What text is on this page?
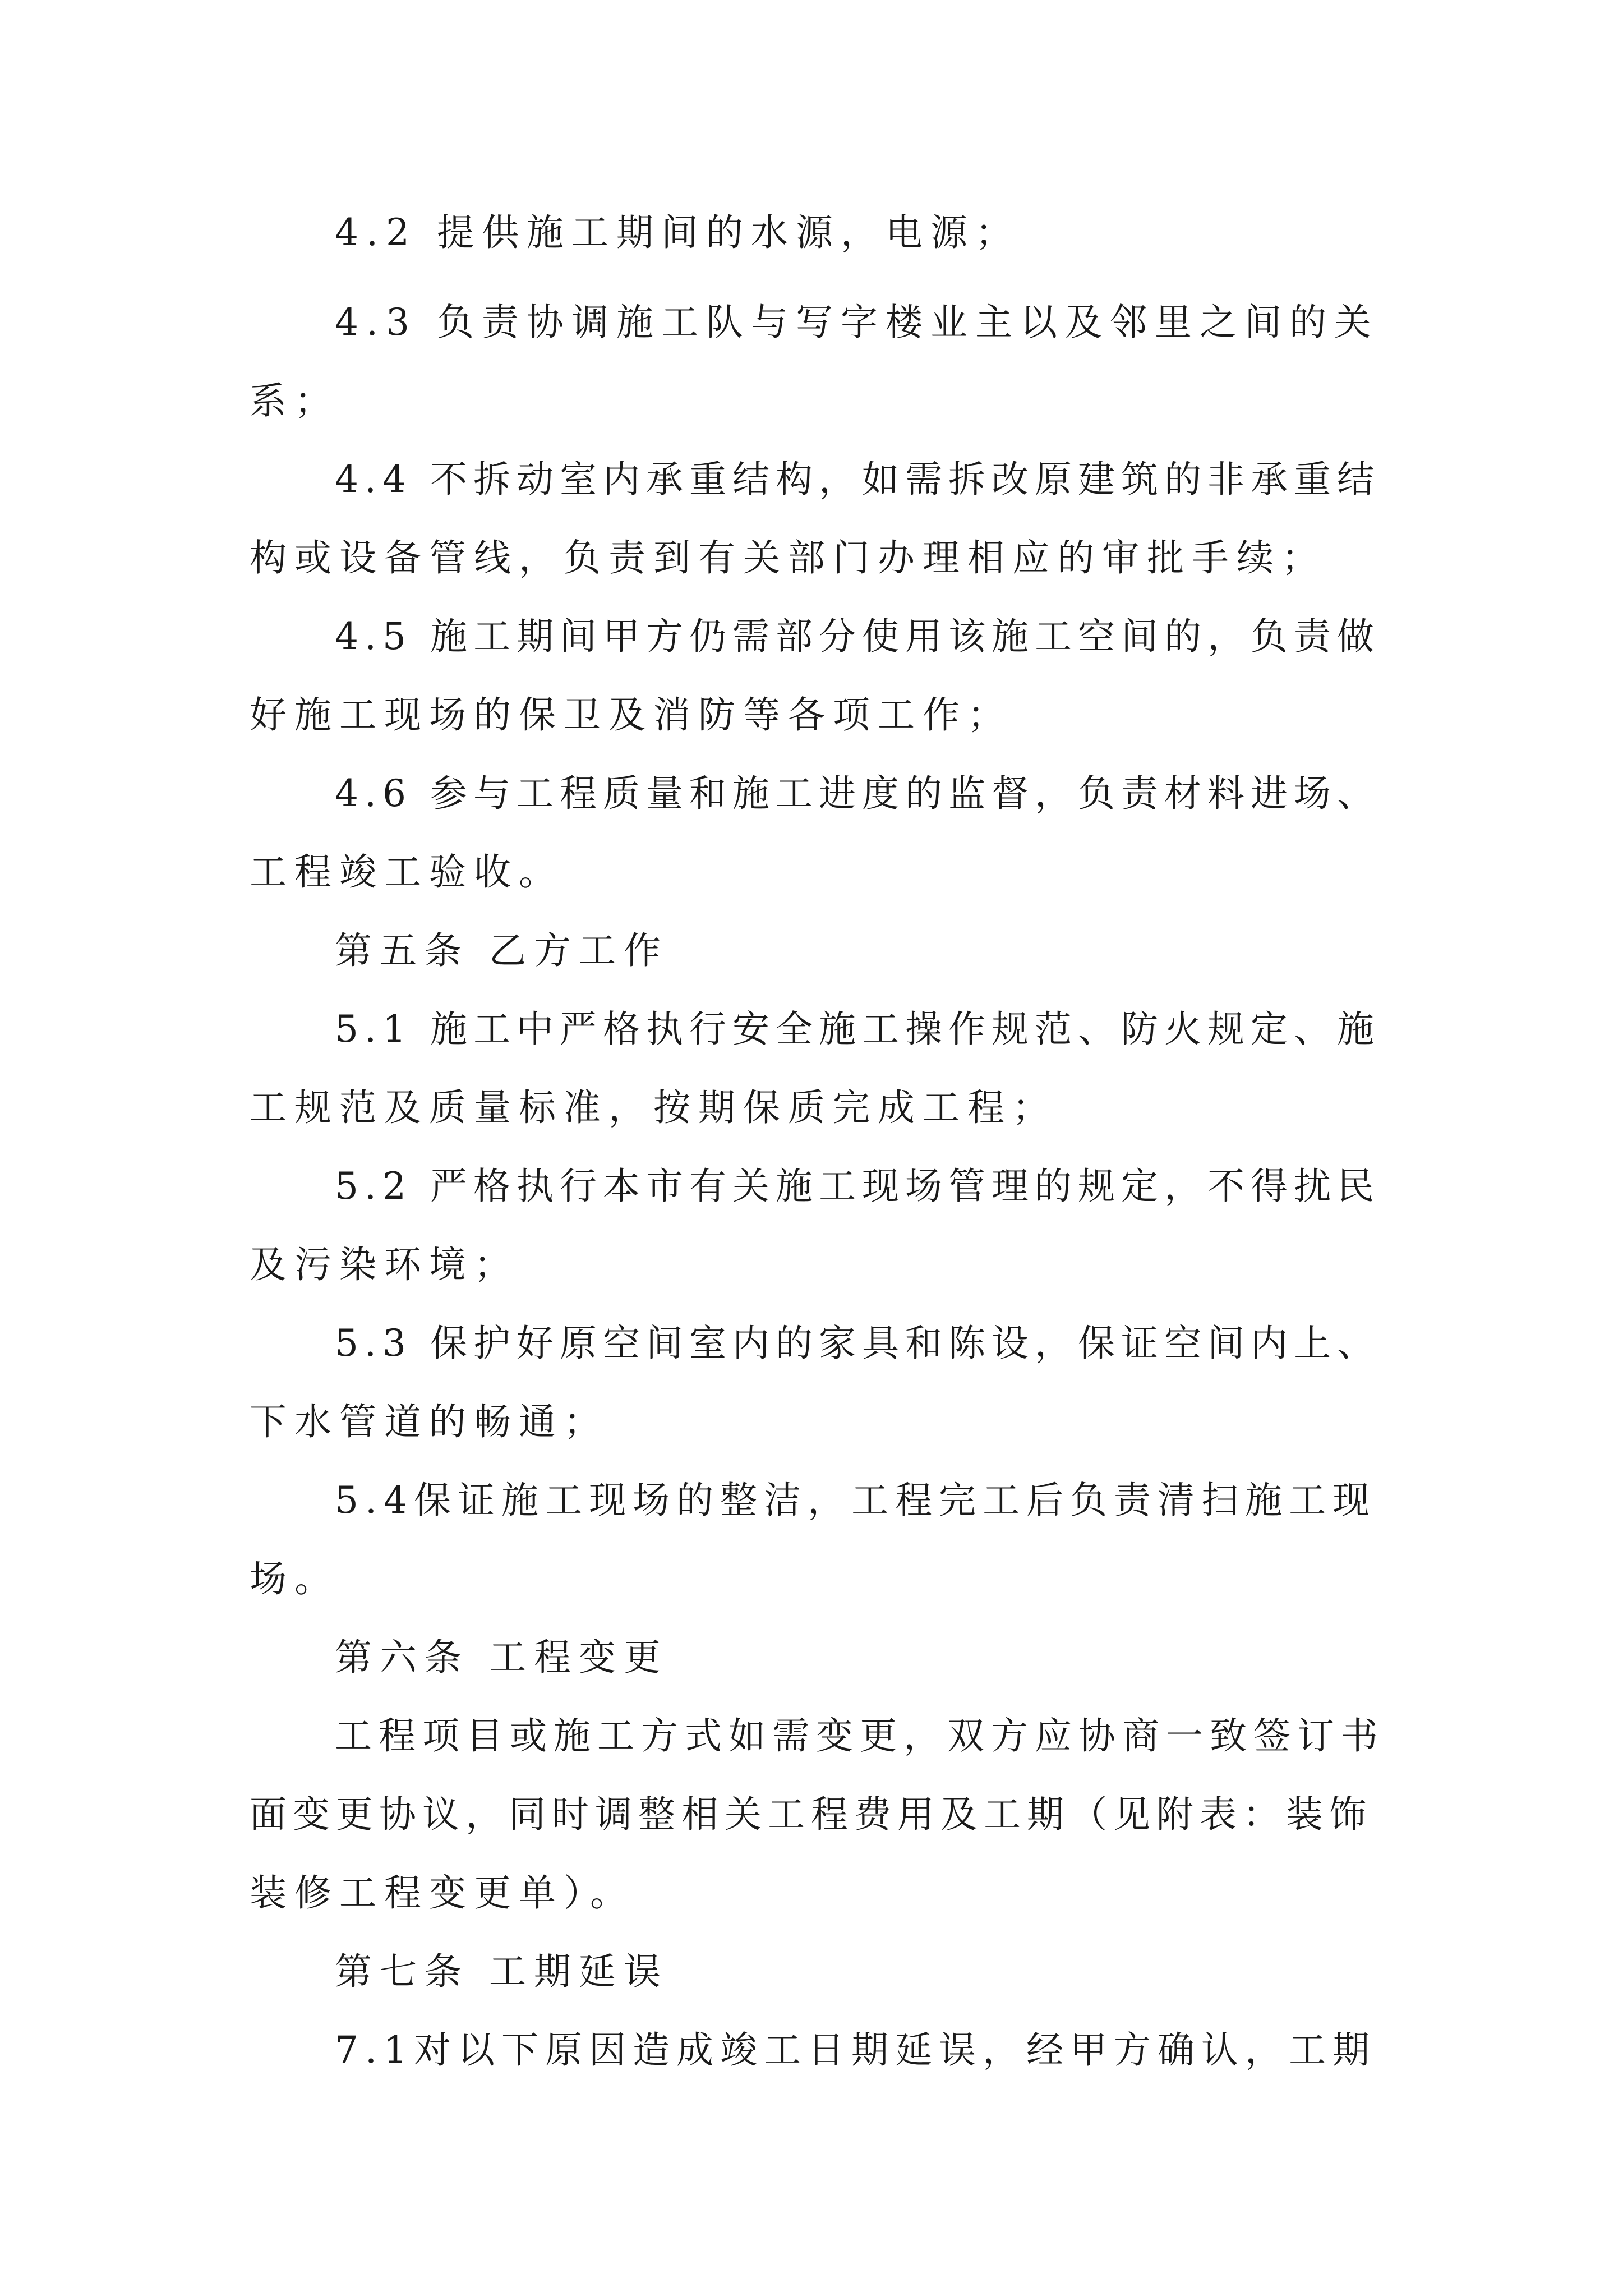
4.2 提供施工期间的水源，电源；
4.3 负责协调施工队与写字楼业主以及邻里之间的关
系；
4.4 不拆动室内承重结构，如需拆改原建筑的非承重结
构或设备管线，负责到有关部门办理相应的审批手续；
4.5 施工期间甲方仍需部分使用该施工空间的，负责做
好施工现场的保卫及消防等各项工作；
4.6 参与工程质量和施工进度的监督，负责材料进场、
工程竣工验收。
第五条 乙方工作
5.1 施工中严格执行安全施工操作规范、防火规定、施
工规范及质量标准，按期保质完成工程；
5.2 严格执行本市有关施工现场管理的规定，不得扰民
及污染环境；
5.3 保护好原空间室内的家具和陈设，保证空间内上、
下水管道的畅通；
5.4保证施工现场的整洁，工程完工后负责清扫施工现
场。
第六条 工程变更
工程项目或施工方式如需变更，双方应协商一致签订书
面变更协议，同时调整相关工程费用及工期（见附表：装饰
装修工程变更单）。
第七条 工期延误
7.1对以下原因造成竣工日期延误，经甲方确认，工期
